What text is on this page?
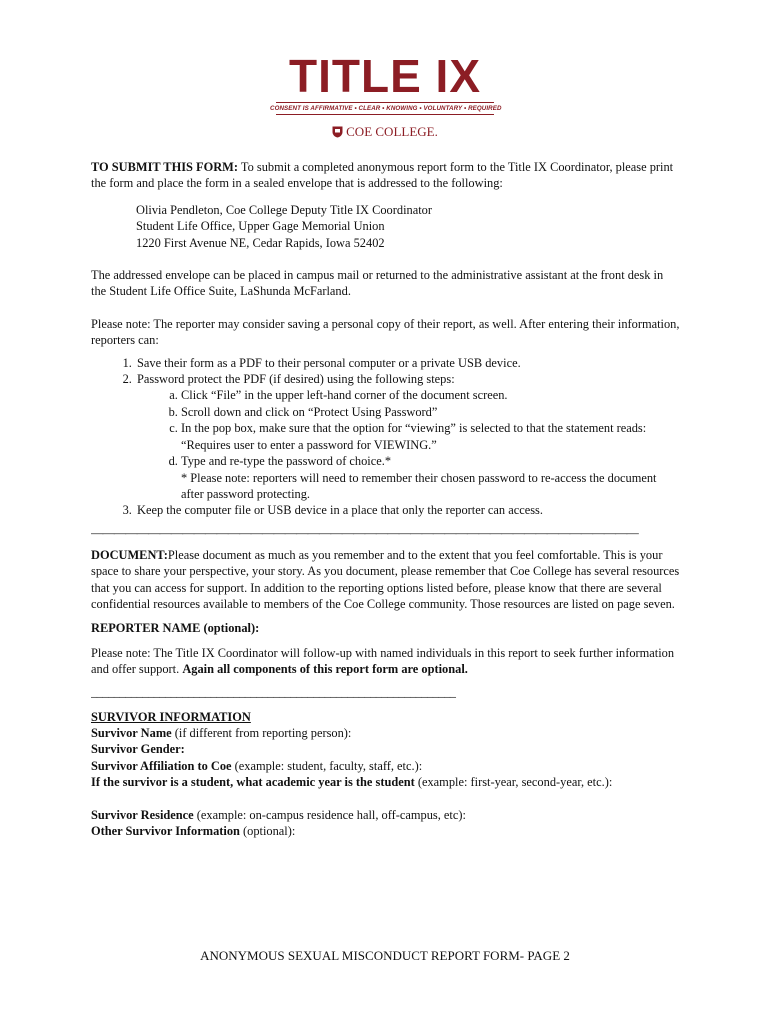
TITLE IX
CONSENT IS AFFIRMATIVE • CLEAR • KNOWING • VOLUNTARY • REQUIRED
COE COLLEGE.

TO SUBMIT THIS FORM: To submit a completed anonymous report form to the Title IX Coordinator, please print the form and place the form in a sealed envelope that is addressed to the following:

Olivia Pendleton, Coe College Deputy Title IX Coordinator
Student Life Office, Upper Gage Memorial Union
1220 First Avenue NE, Cedar Rapids, Iowa 52402

The addressed envelope can be placed in campus mail or returned to the administrative assistant at the front desk in the Student Life Office Suite, LaShunda McFarland.

Please note: The reporter may consider saving a personal copy of their report, as well. After entering their information, reporters can:

1. Save their form as a PDF to their personal computer or a private USB device.
2. Password protect the PDF (if desired) using the following steps:
a. Click “File” in the upper left-hand corner of the document screen.
b. Scroll down and click on “Protect Using Password”
c. In the pop box, make sure that the option for “viewing” is selected to that the statement reads: “Requires user to enter a password for VIEWING.”
d. Type and re-type the password of choice.*
* Please note: reporters will need to remember their chosen password to re-access the document after password protecting.
3. Keep the computer file or USB device in a place that only the reporter can access.
————————————————————————————————————————————————

DOCUMENT:Please document as much as you remember and to the extent that you feel comfortable. This is your space to share your perspective, your story. As you document, please remember that Coe College has several resources that you can access for support. In addition to the reporting options listed before, please know that there are several confidential resources available to members of the Coe College community. Those resources are listed on page seven.

REPORTER NAME (optional):

Please note: The Title IX Coordinator will follow-up with named individuals in this report to seek further information and offer support. Again all components of this report form are optional.

________________________________________________________________

SURVIVOR INFORMATION

Survivor Name (if different from reporting person):

Survivor Gender:

Survivor Affiliation to Coe (example: student, faculty, staff, etc.):

If the survivor is a student, what academic year is the student (example: first-year, second-year, etc.):

Survivor Residence (example: on-campus residence hall, off-campus, etc):

Other Survivor Information (optional):

ANONYMOUS SEXUAL MISCONDUCT REPORT FORM- PAGE 2
